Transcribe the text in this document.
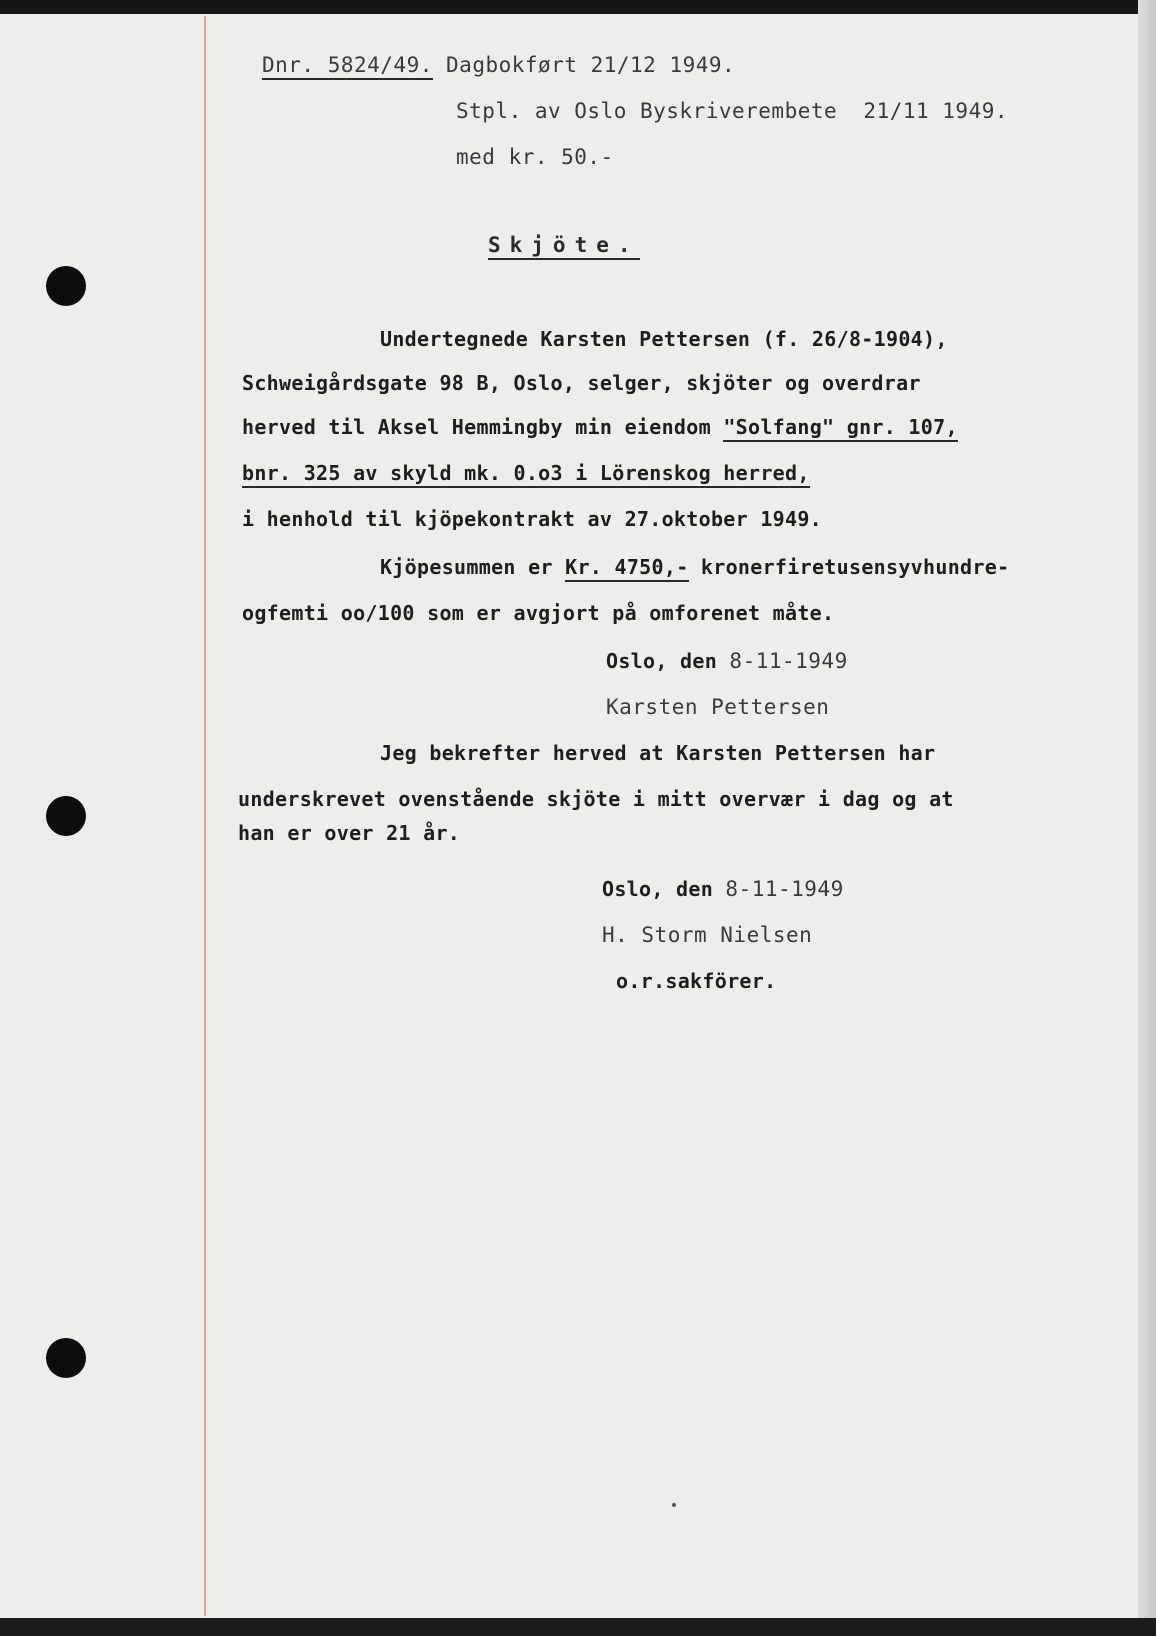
Dnr. 5824/49. Dagbokført 21/12 1949.
Stpl. av Oslo Byskriverembete  21/11 1949.
med kr. 50.-
Skjöte.
Undertegnede Karsten Pettersen (f. 26/8-1904),
Schweigårdsgate 98 B, Oslo, selger, skjöter og overdrar
herved til Aksel Hemmingby min eiendom "Solfang" gnr. 107,
bnr. 325 av skyld mk. 0.o3 i Lörenskog herred,
i henhold til kjöpekontrakt av 27.oktober 1949.
Kjöpesummen er Kr. 4750,- kronerfiretusensyvhundre-
ogfemti oo/100 som er avgjort på omforenet måte.
Oslo, den 8-11-1949
Karsten Pettersen
Jeg bekrefter herved at Karsten Pettersen har
underskrevet ovenstående skjöte i mitt overvær i dag og at
han er over 21 år.
Oslo, den 8-11-1949
H. Storm Nielsen
o.r.sakförer.
